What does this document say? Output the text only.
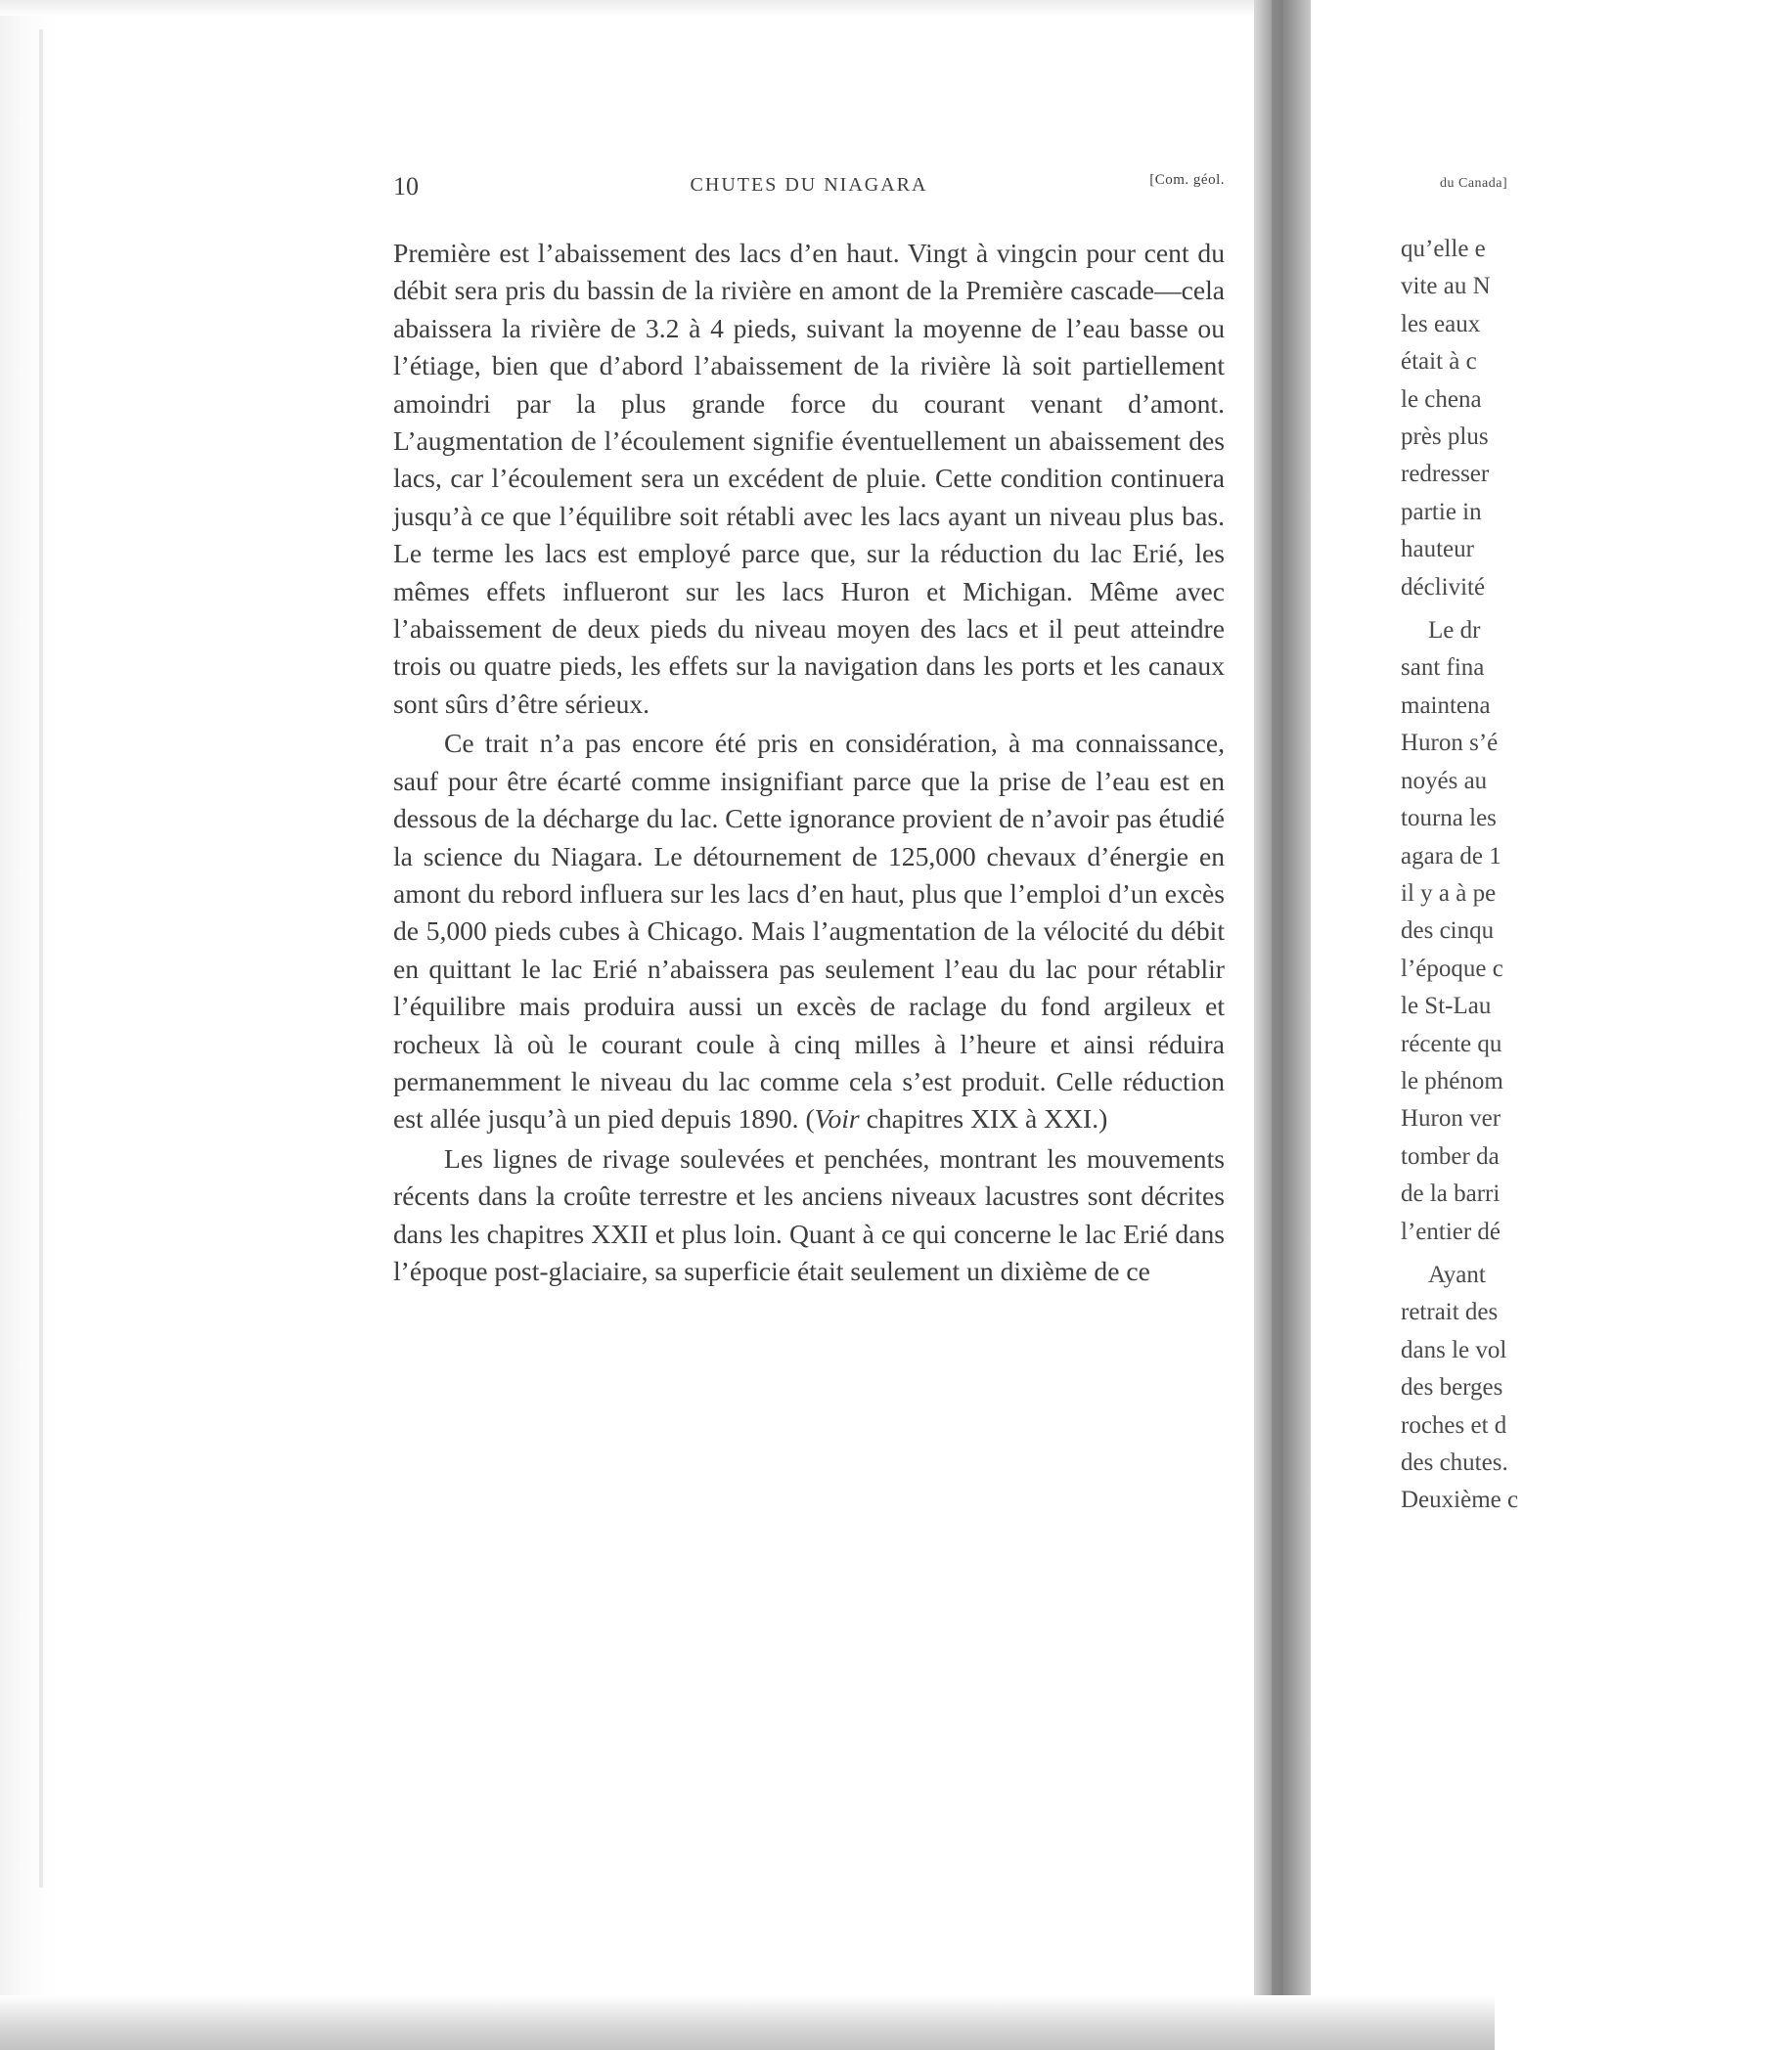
10	CHUTES DU NIAGARA	[Com. géol.

Première est l’abaissement des lacs d’en haut. Vingt à vingcin pour cent du débit sera pris du bassin de la rivière en amont de la Première cascade—cela abaissera la rivière de 3.2 à 4 pieds, suivant la moyenne de l’eau basse ou l’étiage, bien que d’abord l’abaissement de la rivière là soit partiellement amoindri par la plus grande force du courant venant d’amont. L’augmentation de l’écoulement signifie éventuellement un abaissement des lacs, car l’écoulement sera un excédent de pluie. Cette condition continuera jusqu’à ce que l’équilibre soit rétabli avec les lacs ayant un niveau plus bas. Le terme les lacs est employé parce que, sur la réduction du lac Erié, les mêmes effets influeront sur les lacs Huron et Michigan. Même avec l’abaissement de deux pieds du niveau moyen des lacs et il peut atteindre trois ou quatre pieds, les effets sur la navigation dans les ports et les canaux sont sûrs d’être sérieux.

Ce trait n’a pas encore été pris en considération, à ma connaissance, sauf pour être écarté comme insignifiant parce que la prise de l’eau est en dessous de la décharge du lac. Cette ignorance provient de n’avoir pas étudié la science du Niagara. Le détournement de 125,000 chevaux d’énergie en amont du rebord influera sur les lacs d’en haut, plus que l’emploi d’un excès de 5,000 pieds cubes à Chicago. Mais l’augmentation de la vélocité du débit en quittant le lac Erié n’abaissera pas seulement l’eau du lac pour rétablir l’équilibre mais produira aussi un excès de raclage du fond argileux et rocheux là où le courant coule à cinq milles à l’heure et ainsi réduira permanemment le niveau du lac comme cela s’est produit. Celle réduction est allée jusqu’à un pied depuis 1890. (Voir chapitres XIX à XXI.)

Les lignes de rivage soulevées et penchées, montrant les mouvements récents dans la croûte terrestre et les anciens niveaux lacustres sont décrites dans les chapitres XXII et plus loin. Quant à ce qui concerne le lac Erié dans l’époque post-glaciaire, sa superficie était seulement un dixième de ce

du Canada]
qu’elle e
vite au N
les eaux
était à c
le chena
près plus
redresser
partie in
hauteur
déclivité
Le dr
sant fina
maintena
Huron s’é
noyés au
tourna les
agara de 1
il y a à pe
des cinqu
l’époque c
le St-Lau
récente qu
le phénom
Huron ver
tomber da
de la barri
l’entier dé
Ayant
retrait des
dans le vol
des berges
roches et d
des chutes.
Deuxième c
